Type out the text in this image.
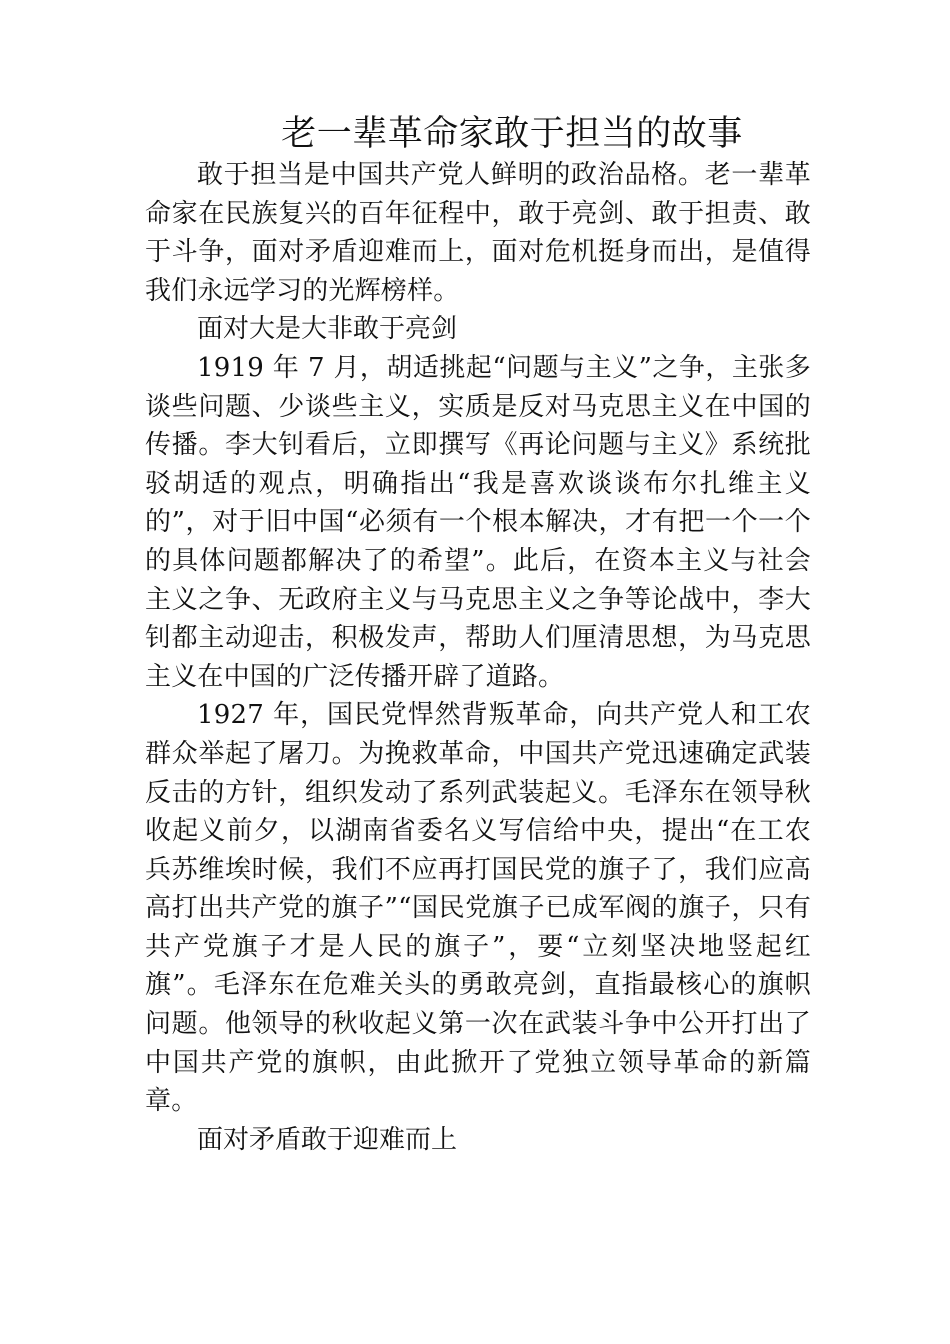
老一辈革命家敢于担当的故事

敢于担当是中国共产党人鲜明的政治品格。老一辈革命家在民族复兴的百年征程中，敢于亮剑、敢于担责、敢于斗争，面对矛盾迎难而上，面对危机挺身而出，是值得我们永远学习的光辉榜样。

面对大是大非敢于亮剑

1919 年 7 月，胡适挑起“问题与主义”之争，主张多谈些问题、少谈些主义，实质是反对马克思主义在中国的传播。李大钊看后，立即撰写《再论问题与主义》系统批驳胡适的观点，明确指出“我是喜欢谈谈布尔扎维主义的”，对于旧中国“必须有一个根本解决，才有把一个一个的具体问题都解决了的希望”。此后，在资本主义与社会主义之争、无政府主义与马克思主义之争等论战中，李大钊都主动迎击，积极发声，帮助人们厘清思想，为马克思主义在中国的广泛传播开辟了道路。

1927 年，国民党悍然背叛革命，向共产党人和工农群众举起了屠刀。为挽救革命，中国共产党迅速确定武装反击的方针，组织发动了系列武装起义。毛泽东在领导秋收起义前夕，以湖南省委名义写信给中央，提出“在工农兵苏维埃时候，我们不应再打国民党的旗子了，我们应高高打出共产党的旗子”“国民党旗子已成军阀的旗子，只有共产党旗子才是人民的旗子”，要“立刻坚决地竖起红旗”。毛泽东在危难关头的勇敢亮剑，直指最核心的旗帜问题。他领导的秋收起义第一次在武装斗争中公开打出了中国共产党的旗帜，由此掀开了党独立领导革命的新篇章。

面对矛盾敢于迎难而上
